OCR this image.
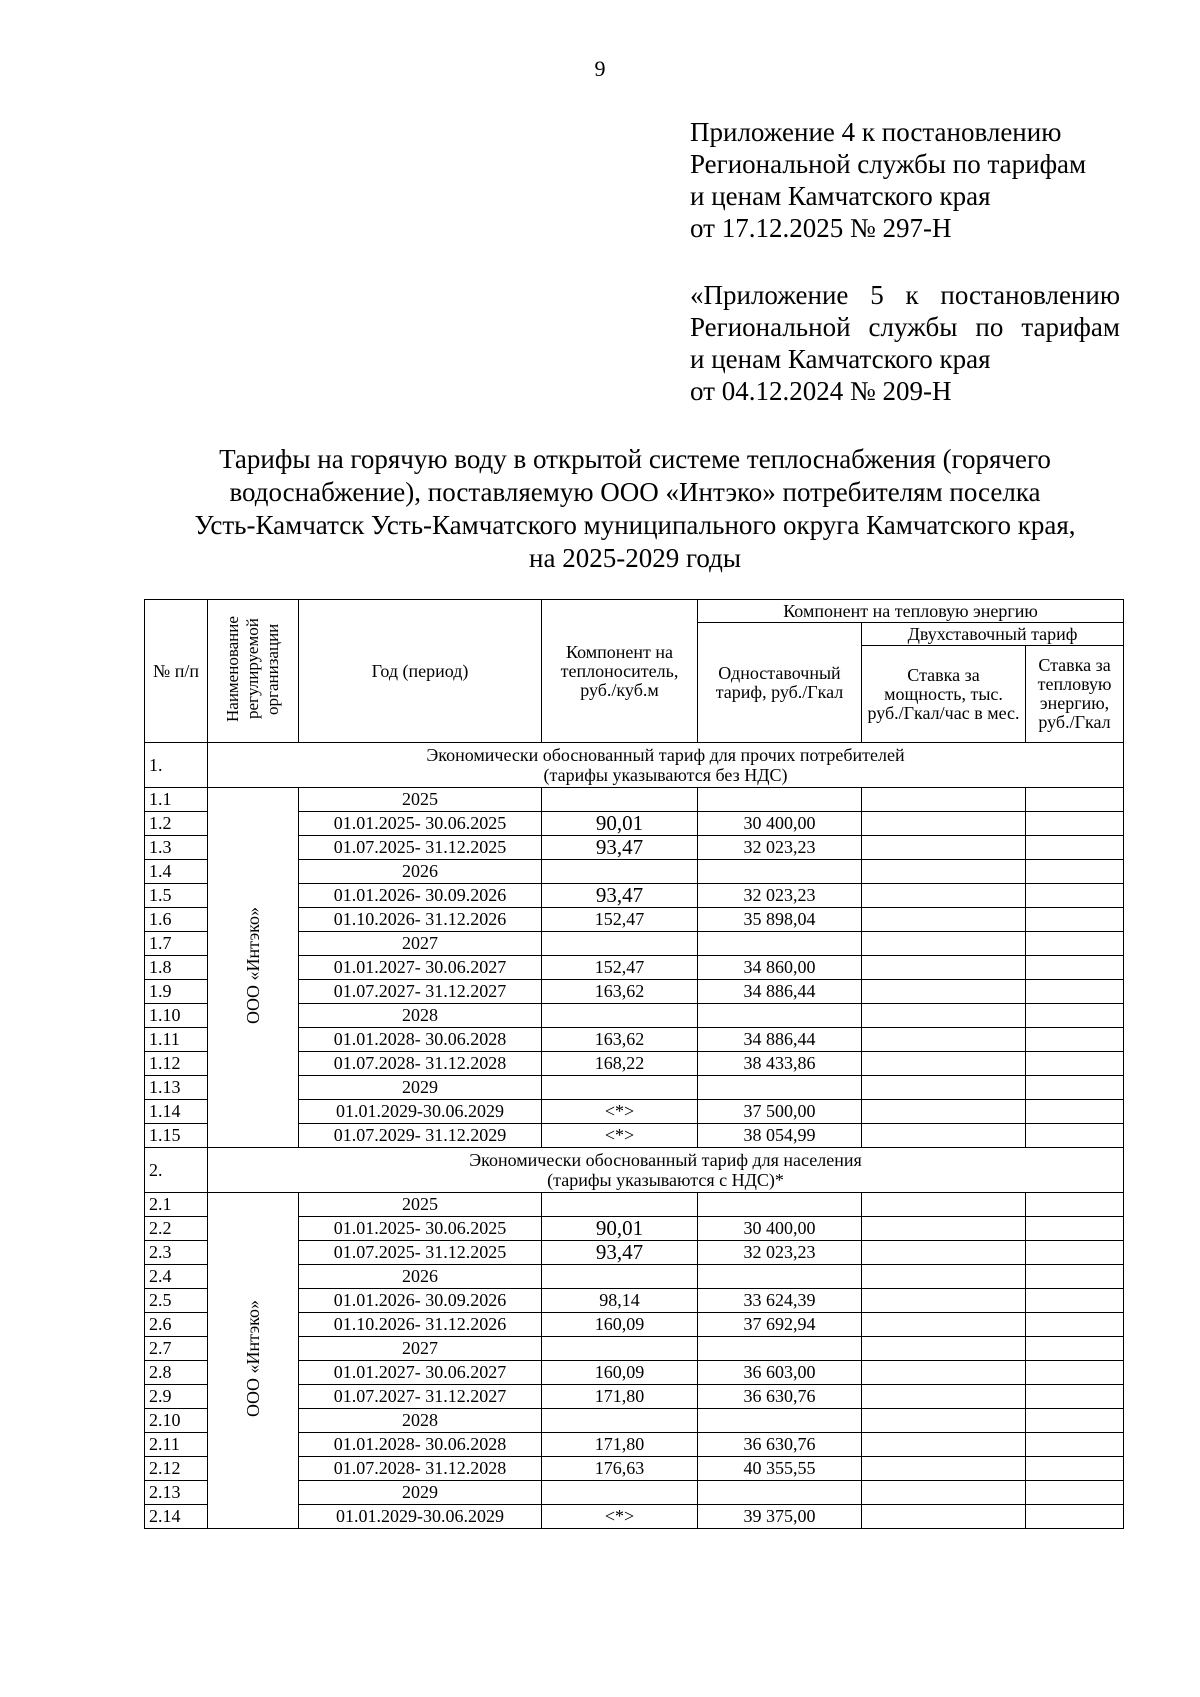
9
Приложение 4 к постановлению
Региональной службы по тарифам
и ценам Камчатского края
от 17.12.2025 № 297-Н
«Приложение 5 к постановлению
Региональной службы по тарифам
и ценам Камчатского края
от 04.12.2024 № 209-Н
Тарифы на горячую воду в открытой системе теплоснабжения (горячего
водоснабжение), поставляемую ООО «Интэко» потребителям поселка
Усть-Камчатск Усть-Камчатского муниципального округа Камчатского края,
на 2025-2029 годы
№ п/п	Наименование регулируемой организации	Год (период)	Компонент на теплоноситель, руб./куб.м	Компонент на тепловую энергию		
				Одноставочный тариф, руб./Гкал	Двухставочный тариф	
					Ставка за мощность, тыс. руб./Гкал/час в мес.	Ставка за тепловую энергию, руб./Гкал
1.	Экономически обоснованный тариф для прочих потребителей
(тарифы указываются без НДС)					

1.1	ООО «Интэко»	2025				
1.2		01.01.2025- 30.06.2025	90,01	30 400,00		
1.3		01.07.2025- 31.12.2025	93,47	32 023,23		
1.4		2026				
1.5		01.01.2026- 30.09.2026	93,47	32 023,23		
1.6		01.10.2026- 31.12.2026	152,47	35 898,04		
1.7		2027				
1.8		01.01.2027- 30.06.2027	152,47	34 860,00		
1.9		01.07.2027- 31.12.2027	163,62	34 886,44		
1.10		2028				
1.11		01.01.2028- 30.06.2028	163,62	34 886,44		
1.12		01.07.2028- 31.12.2028	168,22	38 433,86		
1.13		2029				
1.14		01.01.2029-30.06.2029	<*>	37 500,00		
1.15		01.07.2029- 31.12.2029	<*>	38 054,99		
2.	Экономически обоснованный тариф для населения
(тарифы указываются с НДС)*					

2.1	ООО «Интэко»	2025				
2.2		01.01.2025- 30.06.2025	90,01	30 400,00		
2.3		01.07.2025- 31.12.2025	93,47	32 023,23		
2.4		2026				
2.5		01.01.2026- 30.09.2026	98,14	33 624,39		
2.6		01.10.2026- 31.12.2026	160,09	37 692,94		
2.7		2027				
2.8		01.01.2027- 30.06.2027	160,09	36 603,00		
2.9		01.07.2027- 31.12.2027	171,80	36 630,76		
2.10		2028				
2.11		01.01.2028- 30.06.2028	171,80	36 630,76		
2.12		01.07.2028- 31.12.2028	176,63	40 355,55		
2.13		2029				
2.14		01.01.2029-30.06.2029	<*>	39 375,00		
